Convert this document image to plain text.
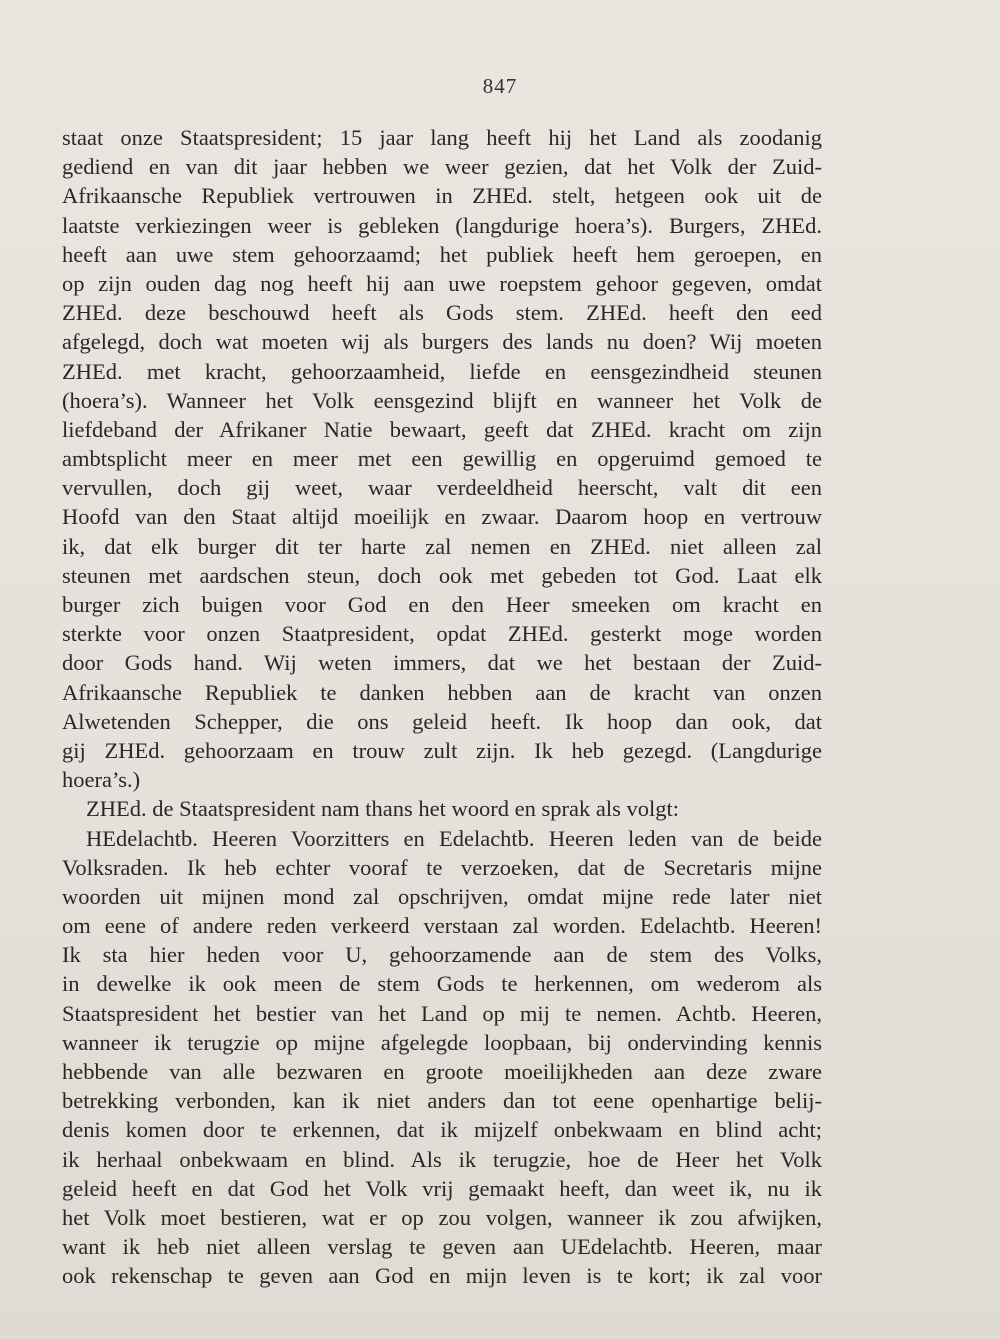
847
staat onze Staatspresident; 15 jaar lang heeft hij het Land als zoodanig
gediend en van dit jaar hebben we weer gezien, dat het Volk der Zuid-
Afrikaansche Republiek vertrouwen in ZHEd. stelt, hetgeen ook uit de
laatste verkiezingen weer is gebleken (langdurige hoera’s). Burgers, ZHEd.
heeft aan uwe stem gehoorzaamd; het publiek heeft hem geroepen, en
op zijn ouden dag nog heeft hij aan uwe roepstem gehoor gegeven, omdat
ZHEd. deze beschouwd heeft als Gods stem. ZHEd. heeft den eed
afgelegd, doch wat moeten wij als burgers des lands nu doen? Wij moeten
ZHEd. met kracht, gehoorzaamheid, liefde en eensgezindheid steunen
(hoera’s). Wanneer het Volk eensgezind blijft en wanneer het Volk de
liefdeband der Afrikaner Natie bewaart, geeft dat ZHEd. kracht om zijn
ambtsplicht meer en meer met een gewillig en opgeruimd gemoed te
vervullen, doch gij weet, waar verdeeldheid heerscht, valt dit een
Hoofd van den Staat altijd moeilijk en zwaar. Daarom hoop en vertrouw
ik, dat elk burger dit ter harte zal nemen en ZHEd. niet alleen zal
steunen met aardschen steun, doch ook met gebeden tot God. Laat elk
burger zich buigen voor God en den Heer smeeken om kracht en
sterkte voor onzen Staatpresident, opdat ZHEd. gesterkt moge worden
door Gods hand. Wij weten immers, dat we het bestaan der Zuid-
Afrikaansche Republiek te danken hebben aan de kracht van onzen
Alwetenden Schepper, die ons geleid heeft. Ik hoop dan ook, dat
gij ZHEd. gehoorzaam en trouw zult zijn. Ik heb gezegd. (Langdurige
hoera’s.)
ZHEd. de Staatspresident nam thans het woord en sprak als volgt:
HEdelachtb. Heeren Voorzitters en Edelachtb. Heeren leden van de beide
Volksraden. Ik heb echter vooraf te verzoeken, dat de Secretaris mijne
woorden uit mijnen mond zal opschrijven, omdat mijne rede later niet
om eene of andere reden verkeerd verstaan zal worden. Edelachtb. Heeren!
Ik sta hier heden voor U, gehoorzamende aan de stem des Volks,
in dewelke ik ook meen de stem Gods te herkennen, om wederom als
Staatspresident het bestier van het Land op mij te nemen. Achtb. Heeren,
wanneer ik terugzie op mijne afgelegde loopbaan, bij ondervinding kennis
hebbende van alle bezwaren en groote moeilijkheden aan deze zware
betrekking verbonden, kan ik niet anders dan tot eene openhartige belij-
denis komen door te erkennen, dat ik mijzelf onbekwaam en blind acht;
ik herhaal onbekwaam en blind. Als ik terugzie, hoe de Heer het Volk
geleid heeft en dat God het Volk vrij gemaakt heeft, dan weet ik, nu ik
het Volk moet bestieren, wat er op zou volgen, wanneer ik zou afwijken,
want ik heb niet alleen verslag te geven aan UEdelachtb. Heeren, maar
ook rekenschap te geven aan God en mijn leven is te kort; ik zal voor
